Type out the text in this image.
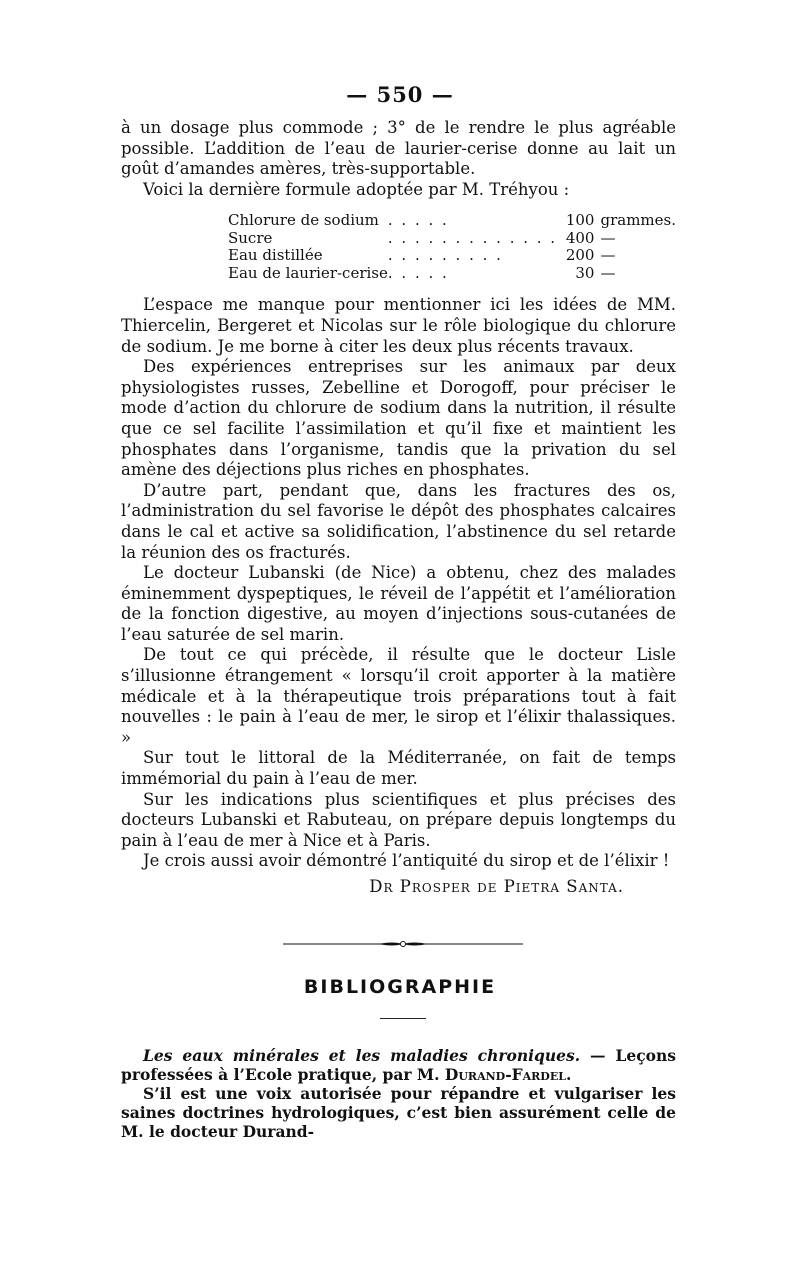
— 550 —

à un dosage plus commode ; 3° de le rendre le plus agréable possible. L’addition de l’eau de laurier-cerise donne au lait un goût d’amandes amères, très-supportable.

Voici la dernière formule adoptée par M. Tréhyou :

Chlorure de sodium	. . . . .	100	grammes.
Sucre	. . . . . . . . . . . . .	400	—
Eau distillée	. . . . . . . . .	200	—
Eau de laurier-cerise	. . . . .	30	—

L’espace me manque pour mentionner ici les idées de MM. Thiercelin, Bergeret et Nicolas sur le rôle biologique du chlorure de sodium. Je me borne à citer les deux plus récents travaux.

Des expériences entreprises sur les animaux par deux physiologistes russes, Zebelline et Dorogoff, pour préciser le mode d’action du chlorure de sodium dans la nutrition, il résulte que ce sel facilite l’assimilation et qu’il fixe et maintient les phosphates dans l’organisme, tandis que la privation du sel amène des déjections plus riches en phosphates.

D’autre part, pendant que, dans les fractures des os, l’administration du sel favorise le dépôt des phosphates calcaires dans le cal et active sa solidification, l’abstinence du sel retarde la réunion des os fracturés.

Le docteur Lubanski (de Nice) a obtenu, chez des malades éminemment dyspeptiques, le réveil de l’appétit et l’amélioration de la fonction digestive, au moyen d’injections sous-cutanées de l’eau saturée de sel marin.

De tout ce qui précède, il résulte que le docteur Lisle s’illusionne étrangement « lorsqu’il croit apporter à la matière médicale et à la thérapeutique trois préparations tout à fait nouvelles : le pain à l’eau de mer, le sirop et l’élixir thalassiques. »

Sur tout le littoral de la Méditerranée, on fait de temps immémorial du pain à l’eau de mer.

Sur les indications plus scientifiques et plus précises des docteurs Lubanski et Rabuteau, on prépare depuis longtemps du pain à l’eau de mer à Nice et à Paris.

Je crois aussi avoir démontré l’antiquité du sirop et de l’élixir !

Dr Prosper de Pietra Santa.
BIBLIOGRAPHIE

Les eaux minérales et les maladies chroniques. — Leçons professées à l’Ecole pratique, par M. Durand-Fardel.

S’il est une voix autorisée pour répandre et vulgariser les saines doctrines hydrologiques, c’est bien assurément celle de M. le docteur Durand-
